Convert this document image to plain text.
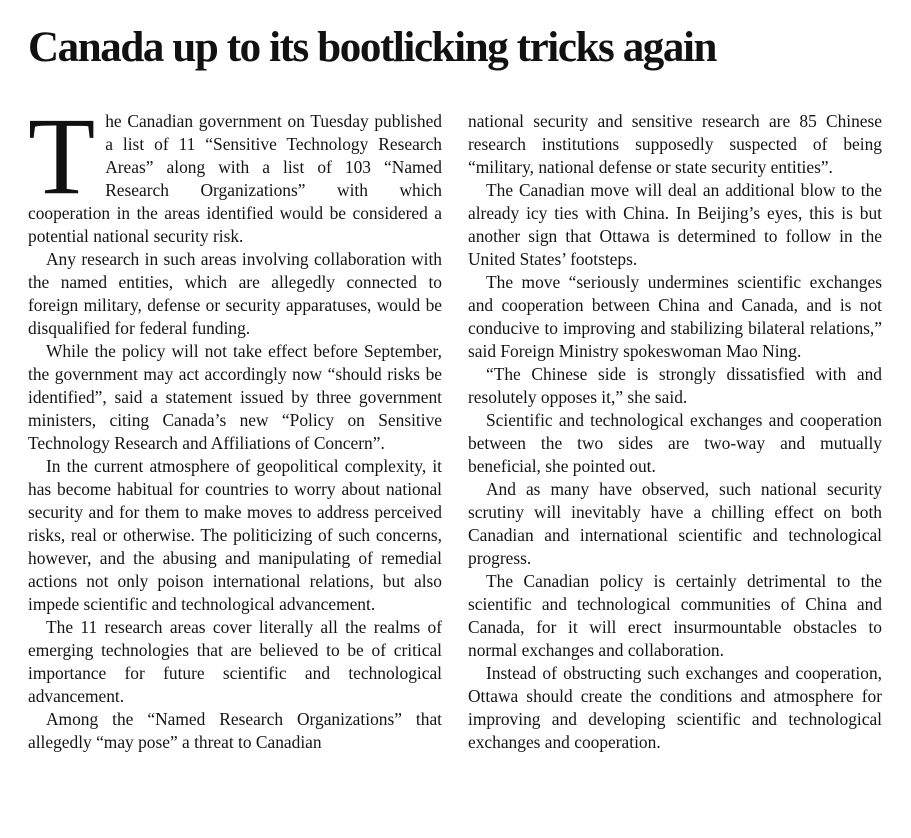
Canada up to its bootlicking tricks again

The Canadian government on Tuesday published a list of 11 “Sensitive Technology Research Areas” along with a list of 103 “Named Research Organizations” with which cooperation in the areas identified would be considered a potential national security risk.

Any research in such areas involving collaboration with the named entities, which are allegedly connected to foreign military, defense or security apparatuses, would be disqualified for federal funding.

While the policy will not take effect before September, the government may act accordingly now “should risks be identified”, said a statement issued by three government ministers, citing Canada’s new “Policy on Sensitive Technology Research and Affiliations of Concern”.

In the current atmosphere of geopolitical complexity, it has become habitual for countries to worry about national security and for them to make moves to address perceived risks, real or otherwise. The politicizing of such concerns, however, and the abusing and manipulating of remedial actions not only poison international relations, but also impede scientific and technological advancement.

The 11 research areas cover literally all the realms of emerging technologies that are believed to be of critical importance for future scientific and technological advancement.

Among the “Named Research Organizations” that allegedly “may pose” a threat to Canadian

national security and sensitive research are 85 Chinese research institutions supposedly suspected of being “military, national defense or state security entities”.

The Canadian move will deal an additional blow to the already icy ties with China. In Beijing’s eyes, this is but another sign that Ottawa is determined to follow in the United States’ footsteps.

The move “seriously undermines scientific exchanges and cooperation between China and Canada, and is not conducive to improving and stabilizing bilateral relations,” said Foreign Ministry spokeswoman Mao Ning.

“The Chinese side is strongly dissatisfied with and resolutely opposes it,” she said.

Scientific and technological exchanges and cooperation between the two sides are two-way and mutually beneficial, she pointed out.

And as many have observed, such national security scrutiny will inevitably have a chilling effect on both Canadian and international scientific and technological progress.

The Canadian policy is certainly detrimental to the scientific and technological communities of China and Canada, for it will erect insurmountable obstacles to normal exchanges and collaboration.

Instead of obstructing such exchanges and cooperation, Ottawa should create the conditions and atmosphere for improving and developing scientific and technological exchanges and cooperation.
